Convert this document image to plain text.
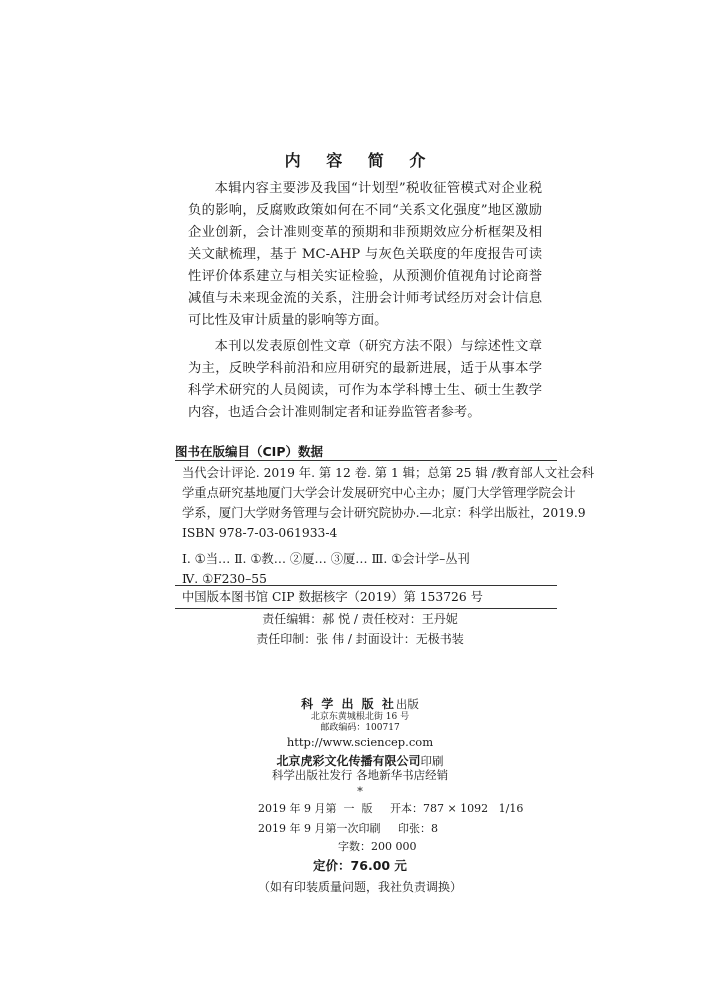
内 容 简 介

本辑内容主要涉及我国“计划型”税收征管模式对企业税负的影响，反腐败政策如何在不同“关系文化强度”地区激励企业创新，会计准则变革的预期和非预期效应分析框架及相关文献梳理，基于 MC-AHP 与灰色关联度的年度报告可读性评价体系建立与相关实证检验，从预测价值视角讨论商誉减值与未来现金流的关系，注册会计师考试经历对会计信息可比性及审计质量的影响等方面。

本刊以发表原创性文章（研究方法不限）与综述性文章为主，反映学科前沿和应用研究的最新进展，适于从事本学科学术研究的人员阅读，可作为本学科博士生、硕士生教学内容，也适合会计准则制定者和证券监管者参考。

图书在版编目（CIP）数据
当代会计评论. 2019 年. 第 12 卷. 第 1 辑；总第 25 辑 /教育部人文社会科
学重点研究基地厦门大学会计发展研究中心主办；厦门大学管理学院会计
学系，厦门大学财务管理与会计研究院协办.—北京：科学出版社，2019.9
ISBN 978-7-03-061933-4
Ⅰ. ①当… Ⅱ. ①教… ②厦… ③厦… Ⅲ. ①会计学–丛刊
Ⅳ. ①F230–55
中国版本图书馆 CIP 数据核字（2019）第 153726 号
责任编辑：郝 悦 / 责任校对：王丹妮
责任印制：张 伟 / 封面设计：无极书装
科 学 出 版 社出版
北京东黄城根北街 16 号
邮政编码：100717
http://www.sciencep.com
北京虎彩文化传播有限公司印刷
科学出版社发行 各地新华书店经销
*
2019 年 9 月第  一  版     开本：787 × 1092   1/16
2019 年 9 月第一次印刷     印张：8
字数：200 000
定价：76.00 元
（如有印装质量问题，我社负责调换）
